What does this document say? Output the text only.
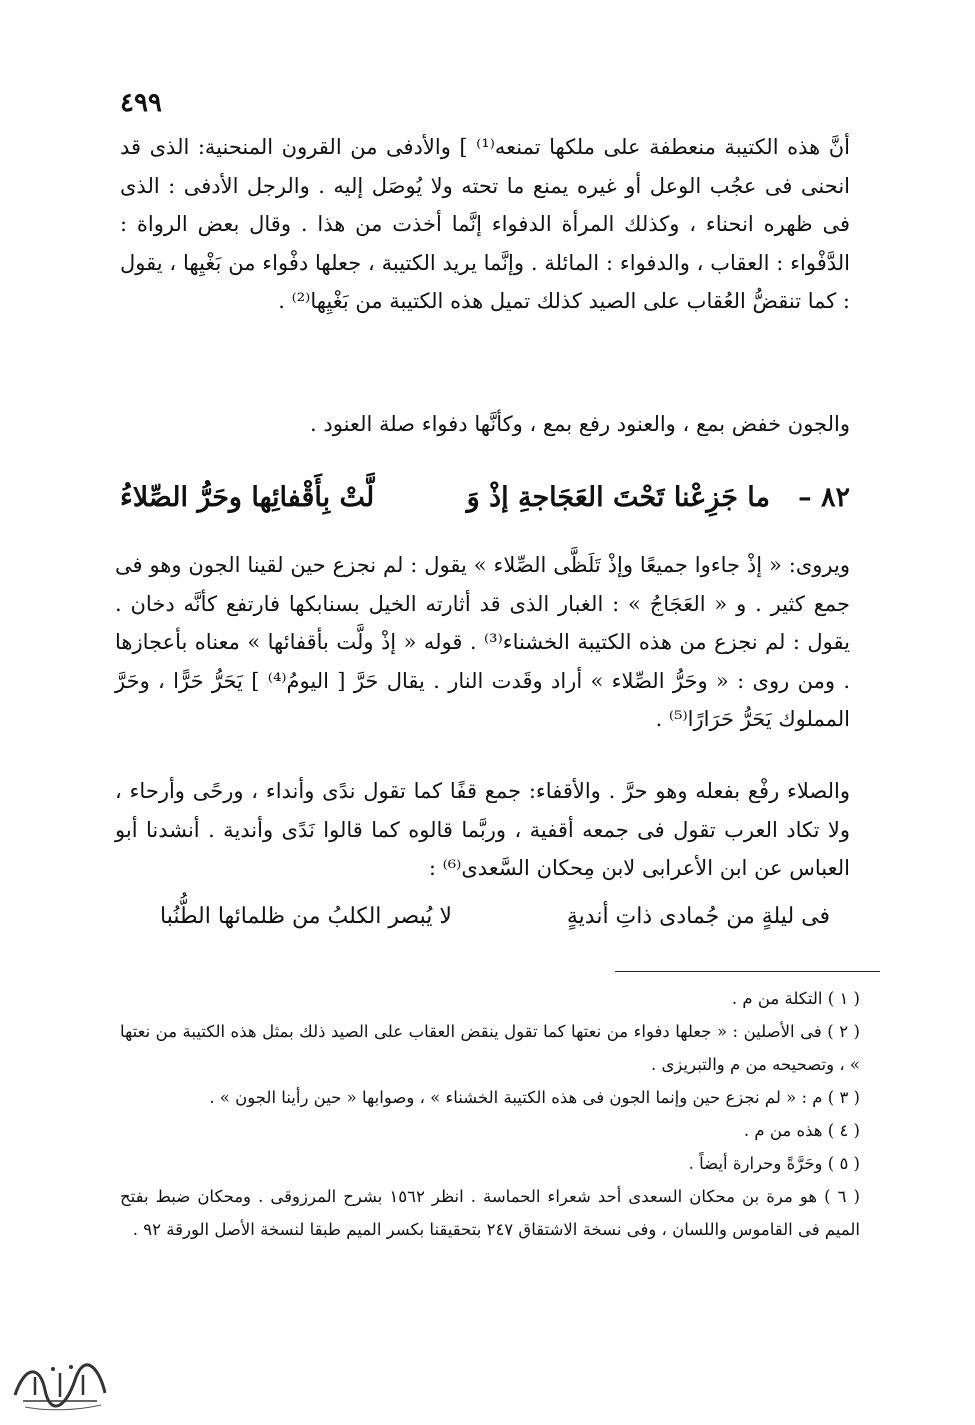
٤٩٩
أنَّ هذه الكتيبة منعطفة على ملكها تمنعه⁽¹⁾ ] والأدفى من القرون المنحنية: الذى قد انحنى فى عجُب الوعل أو غيره يمنع ما تحته ولا يُوصَل إليه . والرجل الأدفى : الذى فى ظهره انحناء ، وكذلك المرأة الدفواء إنَّما أخذت من هذا . وقال بعض الرواة : الدَّفْواء : العقاب ، والدفواء : المائلة . وإنَّما يريد الكتيبة ، جعلها دفْواء من بَغْيِها ، يقول : كما تنقضُّ العُقاب على الصيد كذلك تميل هذه الكتيبة من بَغْيِها⁽²⁾ .
والجون خفض بمع ، والعنود رفع بمع ، وكأنَّها دفواء صلة العنود .
٨٢ –
ما جَزِعْنا تَحْتَ العَجَاجةِ إذْ وَ
لَّتْ بِأَقْفائِها وحَرُّ الصِّلاءُ
ويروى: « إذْ جاءوا جميعًا وإذْ تَلَظَّى الصِّلاء » يقول : لم نجزع حين لقينا الجون وهو فى جمع كثير . و « العَجَاجُ » : الغبار الذى قد أثارته الخيل بسنابكها فارتفع كأنَّه دخان . يقول : لم نجزع من هذه الكتيبة الخشناء⁽³⁾ . قوله « إذْ ولَّت بأقفائها » معناه بأعجازها . ومن روى : « وحَرُّ الصِّلاء » أراد وقَدت النار . يقال حَرَّ [ اليومُ⁽⁴⁾ ] يَحَرُّ حَرًّا ، وحَرَّ المملوك يَحَرُّ حَرَارًا⁽⁵⁾ .
والصلاء رفْع بفعله وهو حرَّ . والأقفاء: جمع قفًا كما تقول ندًى وأنداء ، ورحًى وأرحاء ، ولا تكاد العرب تقول فى جمعه أقفية ، وربَّما قالوه كما قالوا نَدًى وأندية . أنشدنا أبو العباس عن ابن الأعرابى لابن مِحكان السَّعدى⁽⁶⁾ :
فى ليلةٍ من جُمادى ذاتِ أنديةٍ
لا يُبصر الكلبُ من ظلمائها الطُّنُبا

( ١ ) التكلة من م .

( ٢ ) فى الأصلين : « جعلها دفواء من نعتها كما تقول ينقض العقاب على الصيد ذلك بمثل هذه الكتيبة من نعتها » ، وتصحيحه من م والتبريزى .

( ٣ ) م : « لم نجزع حين وإنما الجون فى هذه الكتيبة الخشناء » ، وصوابها « حين رأينا الجون » .

( ٤ ) هذه من م .

( ٥ ) وحَرَّةً وحرارة أيضاً .

( ٦ ) هو مرة بن محكان السعدى أحد شعراء الحماسة . انظر ١٥٦٢ بشرح المرزوقى . ومحكان ضبط بفتح الميم فى القاموس واللسان ، وفى نسخة الاشتقاق ٢٤٧ بتحقيقنا بكسر الميم طبقا لنسخة الأصل الورقة ٩٢ .
